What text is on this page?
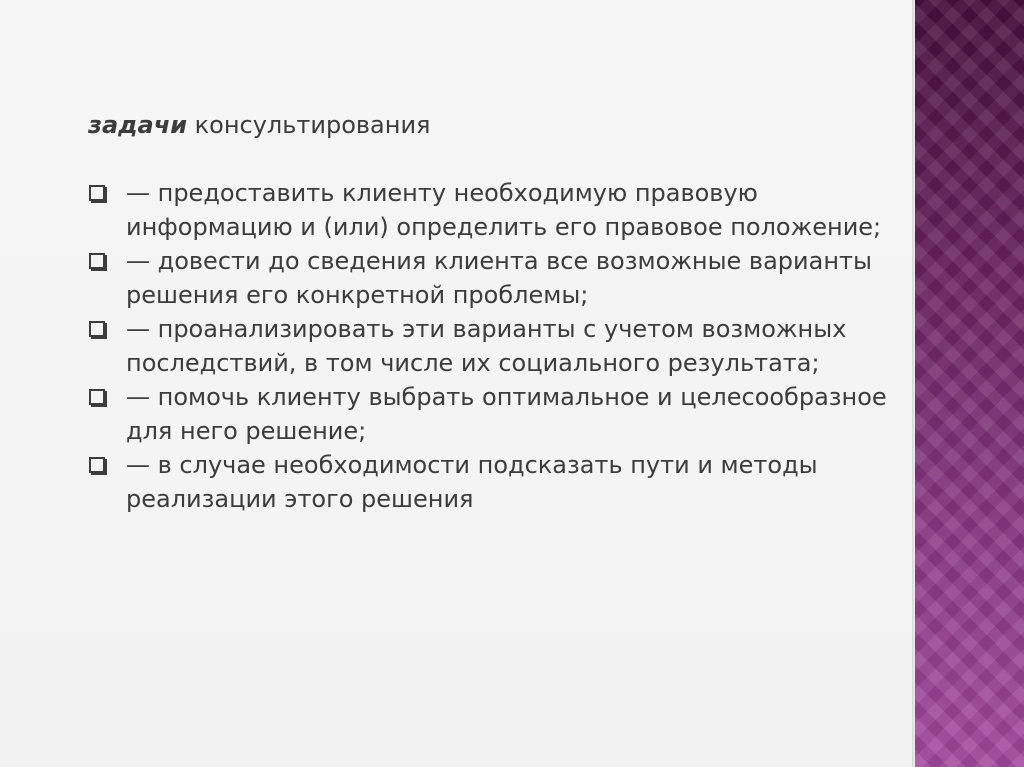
задачи консультирования

— предоставить клиенту необходимую правовую информацию и (или) определить его правовое положение;
— довести до сведения клиента все возможные варианты решения его конкретной проблемы;
— проанализировать эти варианты с учетом возможных последствий, в том числе их социального результата;
— помочь клиенту выбрать оптимальное и целесообразное для него решение;
— в случае необходимости подсказать пути и методы реализации этого решения
